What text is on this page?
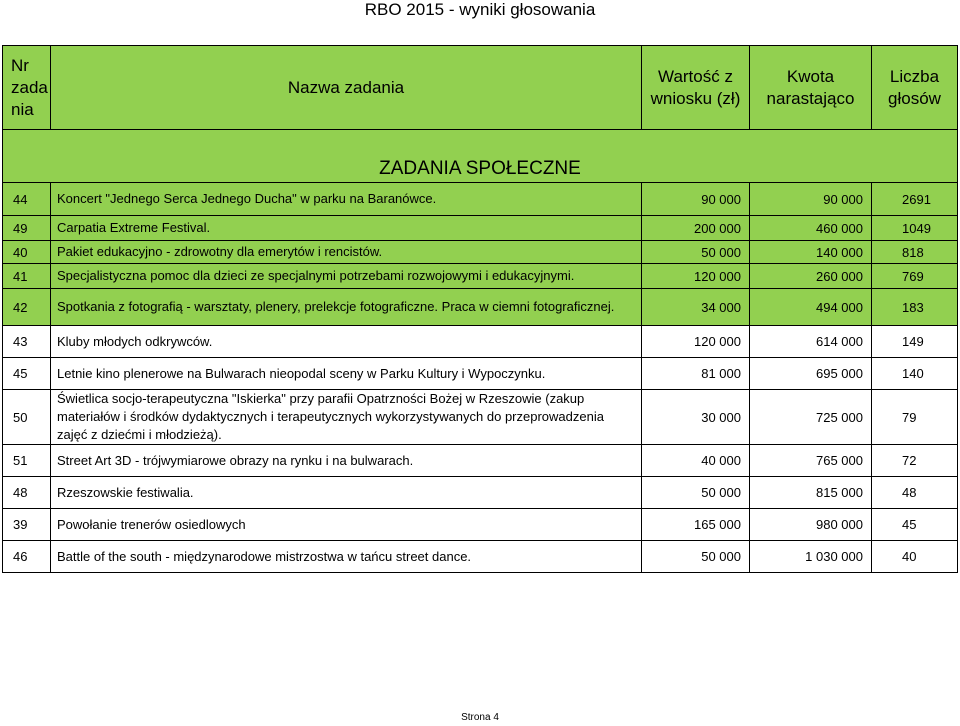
RBO 2015 - wyniki głosowania
Nr zada nia	Nazwa zadania	Wartość z wniosku (zł)	Kwota narastająco	Liczba głosów
ZADANIA SPOŁECZNE				
44	Koncert "Jednego Serca Jednego Ducha" w parku na Baranówce.	90 000	90 000	2691
49	Carpatia Extreme Festival.	200 000	460 000	1049
40	Pakiet edukacyjno - zdrowotny dla emerytów i rencistów.	50 000	140 000	818
41	Specjalistyczna pomoc dla dzieci ze specjalnymi potrzebami rozwojowymi i edukacyjnymi.	120 000	260 000	769
42	Spotkania z fotografią - warsztaty, plenery, prelekcje fotograficzne. Praca w ciemni fotograficznej.	34 000	494 000	183
43	Kluby młodych odkrywców.	120 000	614 000	149
45	Letnie kino plenerowe na Bulwarach nieopodal sceny w Parku Kultury i Wypoczynku.	81 000	695 000	140
50	Świetlica socjo-terapeutyczna "Iskierka" przy parafii Opatrzności Bożej w Rzeszowie (zakup materiałów i środków dydaktycznych i terapeutycznych wykorzystywanych do przeprowadzenia zajęć z dziećmi i młodzieżą).	30 000	725 000	79
51	Street Art 3D - trójwymiarowe obrazy na rynku i na bulwarach.	40 000	765 000	72
48	Rzeszowskie festiwalia.	50 000	815 000	48
39	Powołanie trenerów osiedlowych	165 000	980 000	45
46	Battle of the south - międzynarodowe mistrzostwa w tańcu street dance.	50 000	1 030 000	40
Strona 4
